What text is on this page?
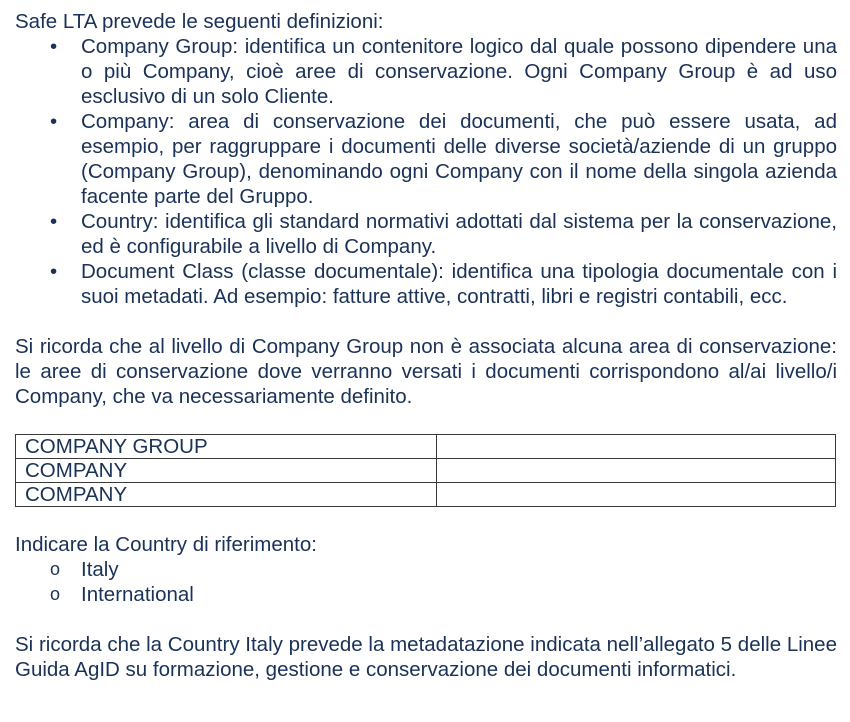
Safe LTA prevede le seguenti definizioni:

•	Company Group: identifica un contenitore logico dal quale possono dipendere una o più Company, cioè aree di conservazione. Ogni Company Group è ad uso esclusivo di un solo Cliente.
•	Company: area di conservazione dei documenti, che può essere usata, ad esempio, per raggruppare i documenti delle diverse società/aziende di un gruppo (Company Group), denominando ogni Company con il nome della singola azienda facente parte del Gruppo.
•	Country: identifica gli standard normativi adottati dal sistema per la conservazione, ed è configurabile a livello di Company.
•	Document Class (classe documentale): identifica una tipologia documentale con i suoi metadati. Ad esempio: fatture attive, contratti, libri e registri contabili, ecc.

Si ricorda che al livello di Company Group non è associata alcuna area di conservazione: le aree di conservazione dove verranno versati i documenti corrispondono al/ai livello/i Company, che va necessariamente definito.

COMPANY GROUP	
COMPANY	
COMPANY	

Indicare la Country di riferimento:

o Italy
o International

Si ricorda che la Country Italy prevede la metadatazione indicata nell’allegato 5 delle Linee Guida AgID su formazione, gestione e conservazione dei documenti informatici.
